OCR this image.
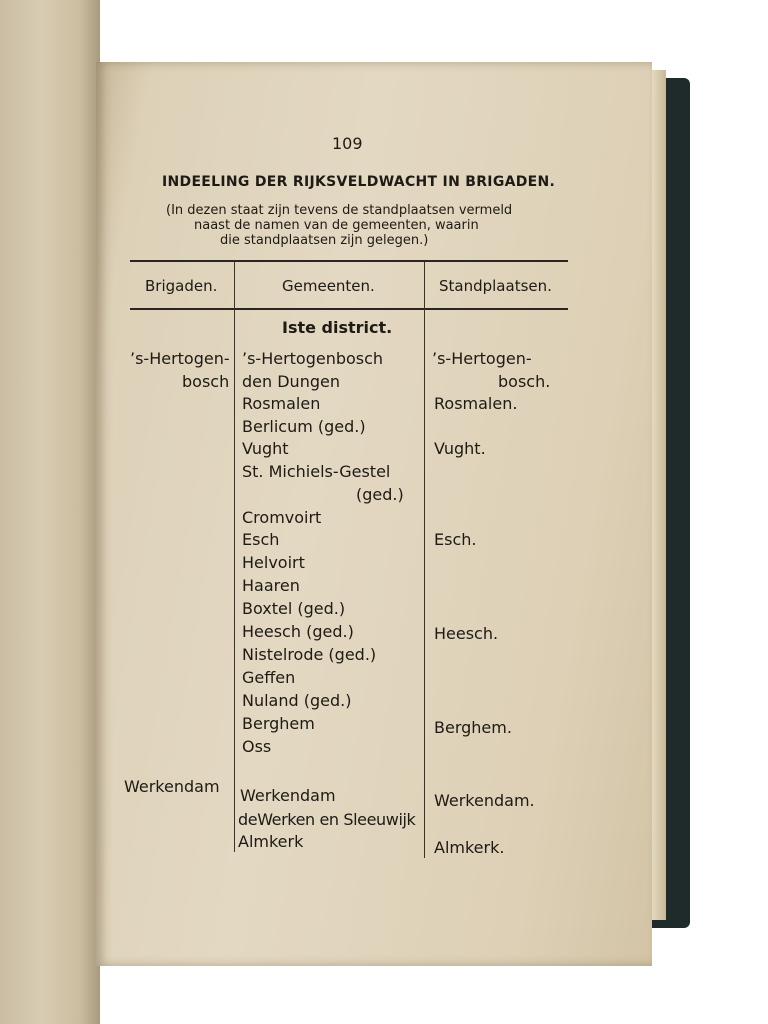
109
INDEELING DER RIJKSVELDWACHT IN BRIGADEN.
(In dezen staat zijn tevens de standplaatsen vermeld
naast de namen van de gemeenten, waarin
die standplaatsen zijn gelegen.)
Brigaden.	Gemeenten.	Standplaatsen.
Iste district.
’s-Hertogen-
bosch
Werkendam
’s-Hertogenbosch
den Dungen
Rosmalen
Berlicum (ged.)
Vught
St. Michiels-Gestel
(ged.)
Cromvoirt
Esch
Helvoirt
Haaren
Boxtel (ged.)
Heesch (ged.)
Nistelrode (ged.)
Geffen
Nuland (ged.)
Berghem
Oss
Werkendam
deWerken en Sleeuwijk
Almkerk
’s-Hertogen-
bosch.
Rosmalen.
Vught.
Esch.
Heesch.
Berghem.
Werkendam.
Almkerk.
